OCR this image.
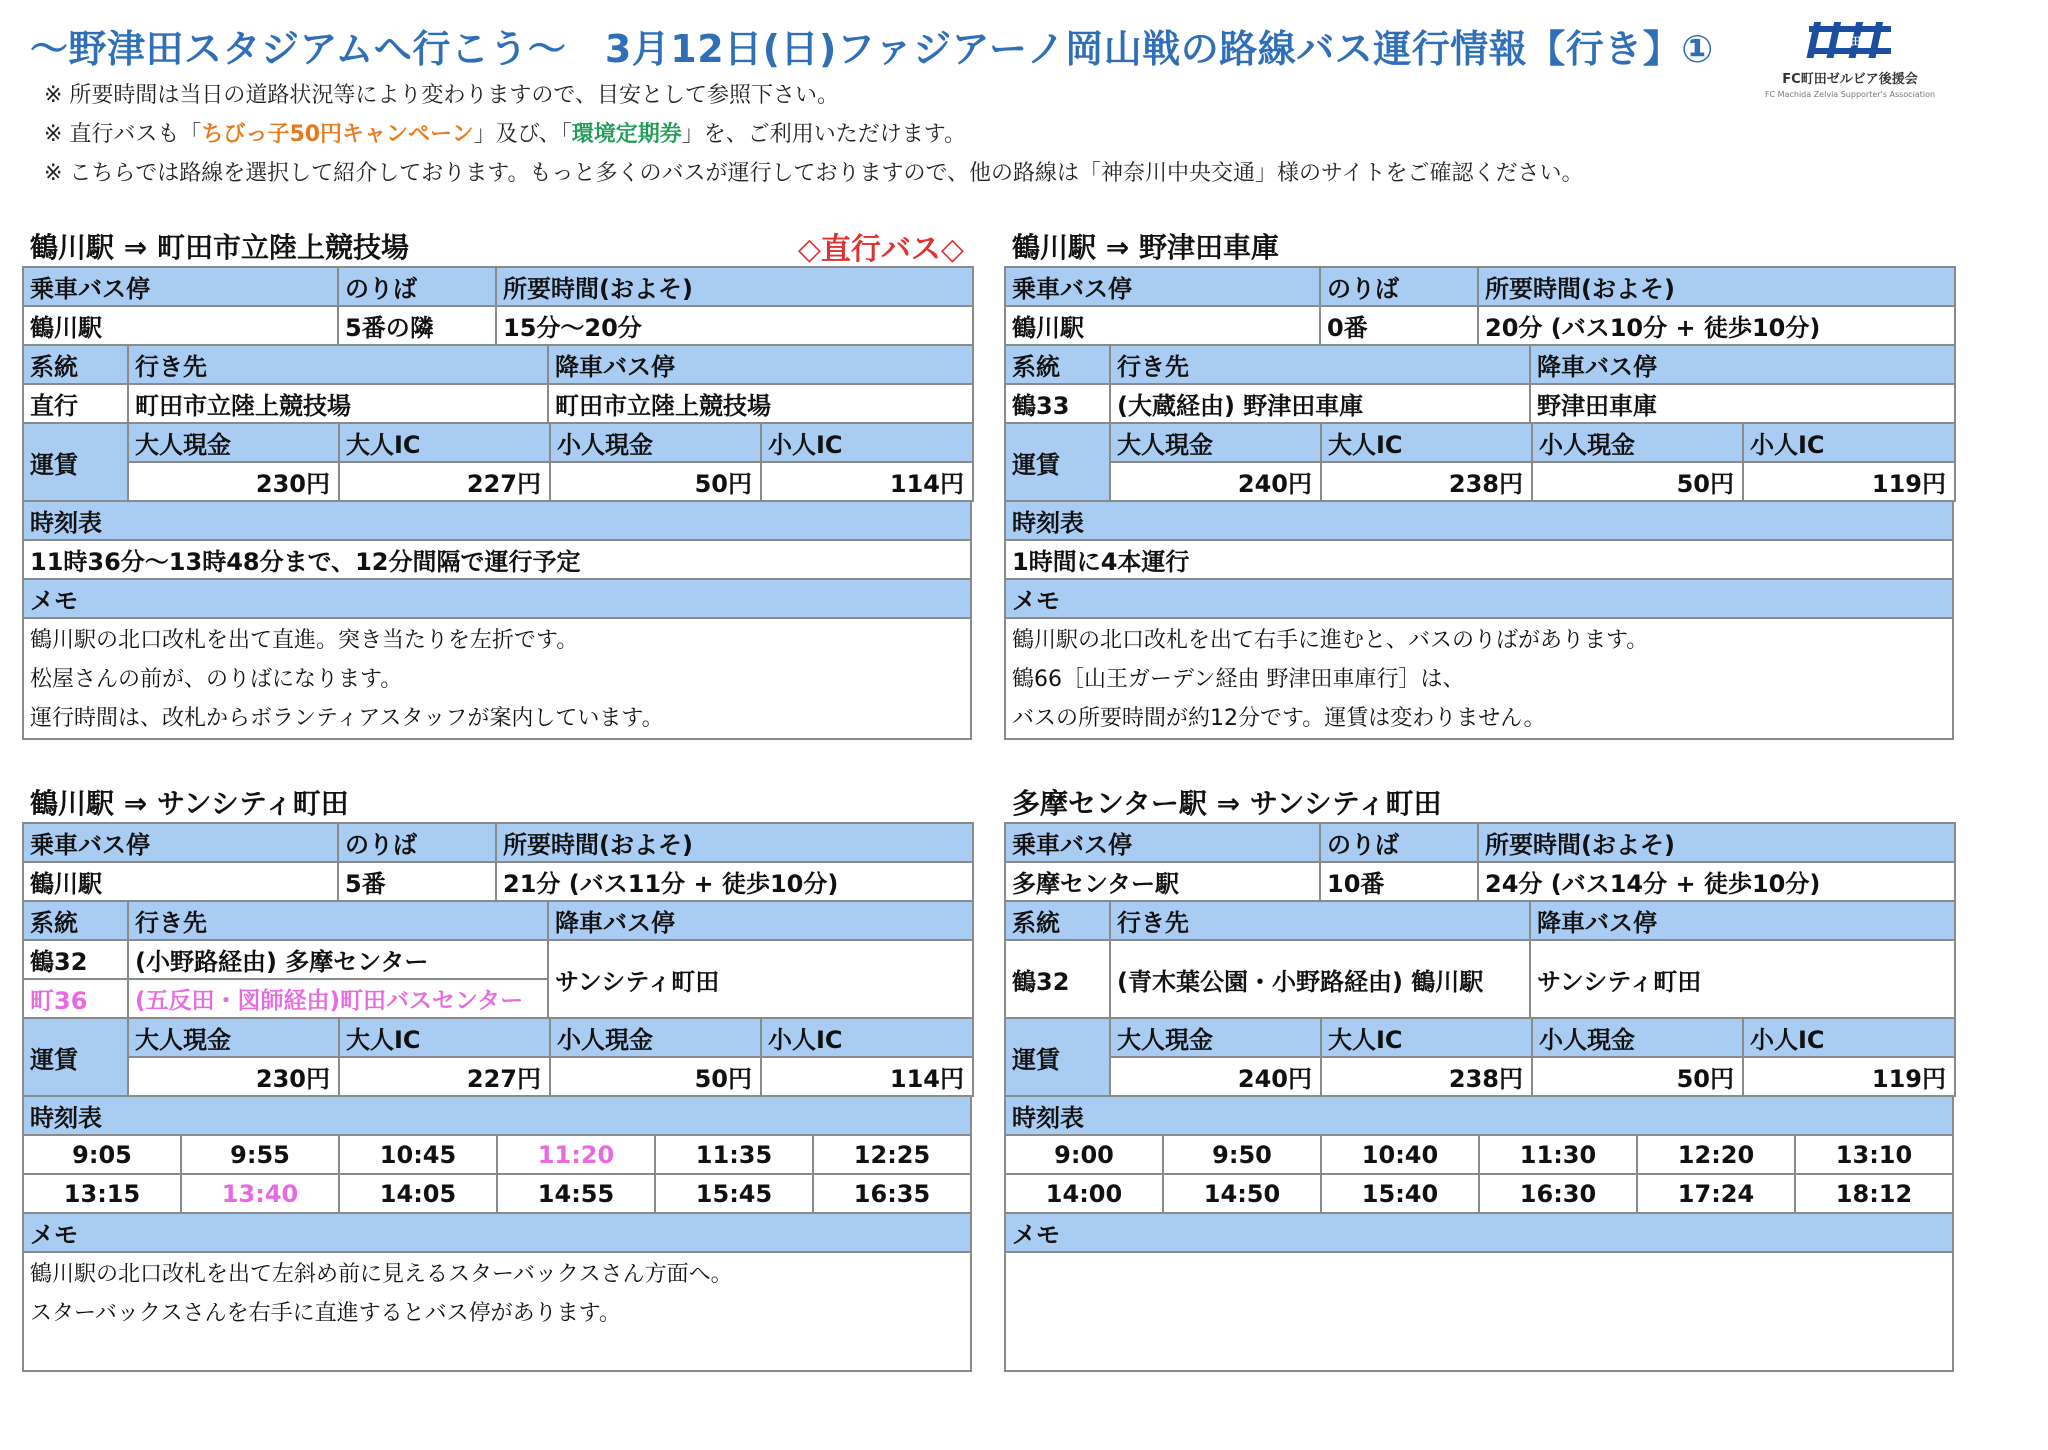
〜野津田スタジアムへ行こう〜　3月12日(日)ファジアーノ岡山戦の路線バス運行情報【行き】①
※ 所要時間は当日の道路状況等により変わりますので、目安として参照下さい。
※ 直行バスも「ちびっ子50円キャンペーン」及び、「環境定期券」を、ご利用いただけます。
※ こちらでは路線を選択して紹介しております。もっと多くのバスが運行しておりますので、他の路線は「神奈川中央交通」様のサイトをご確認ください。
町田
FC町田ゼルビア後援会
FC Machida Zelvia Supporter's Association
鶴川駅 ⇒ 町田市立陸上競技場	◇直行バス◇
乗車バス停	のりば	所要時間(およそ)
鶴川駅	5番の隣	15分〜20分
系統	行き先	降車バス停
直行	町田市立陸上競技場	町田市立陸上競技場
運賃	大人現金	大人IC	小人現金	小人IC
	230円	227円	50円	114円
時刻表
11時36分〜13時48分まで、12分間隔で運行予定
メモ

鶴川駅の北口改札を出て直進。突き当たりを左折です。
松屋さんの前が、のりばになります。
運行時間は、改札からボランティアスタッフが案内しています。
鶴川駅 ⇒ 野津田車庫
乗車バス停	のりば	所要時間(およそ)
鶴川駅	0番	20分 (バス10分 + 徒歩10分)
系統	行き先	降車バス停
鶴33	(大蔵経由) 野津田車庫	野津田車庫
運賃	大人現金	大人IC	小人現金	小人IC
	240円	238円	50円	119円
時刻表
1時間に4本運行
メモ

鶴川駅の北口改札を出て右手に進むと、バスのりばがあります。
鶴66［山王ガーデン経由 野津田車庫行］は、
バスの所要時間が約12分です。運賃は変わりません。
鶴川駅 ⇒ サンシティ町田
乗車バス停	のりば	所要時間(およそ)
鶴川駅	5番	21分 (バス11分 + 徒歩10分)
系統	行き先	降車バス停
鶴32	(小野路経由) 多摩センター	サンシティ町田
町36	(五反田・図師経由)町田バスセンター	
運賃	大人現金	大人IC	小人現金	小人IC
	230円	227円	50円	114円
時刻表					
9:05	9:55	10:45	11:20	11:35	12:25
13:15	13:40	14:05	14:55	15:45	16:35
メモ					

鶴川駅の北口改札を出て左斜め前に見えるスターバックスさん方面へ。
スターバックスさんを右手に直進するとバス停があります。					
多摩センター駅 ⇒ サンシティ町田
乗車バス停	のりば	所要時間(およそ)
多摩センター駅	10番	24分 (バス14分 + 徒歩10分)
系統	行き先	降車バス停
鶴32	(青木葉公園・小野路経由) 鶴川駅	サンシティ町田
運賃	大人現金	大人IC	小人現金	小人IC
	240円	238円	50円	119円
時刻表					
9:00	9:50	10:40	11:30	12:20	13:10
14:00	14:50	15:40	16:30	17:24	18:12
メモ					
